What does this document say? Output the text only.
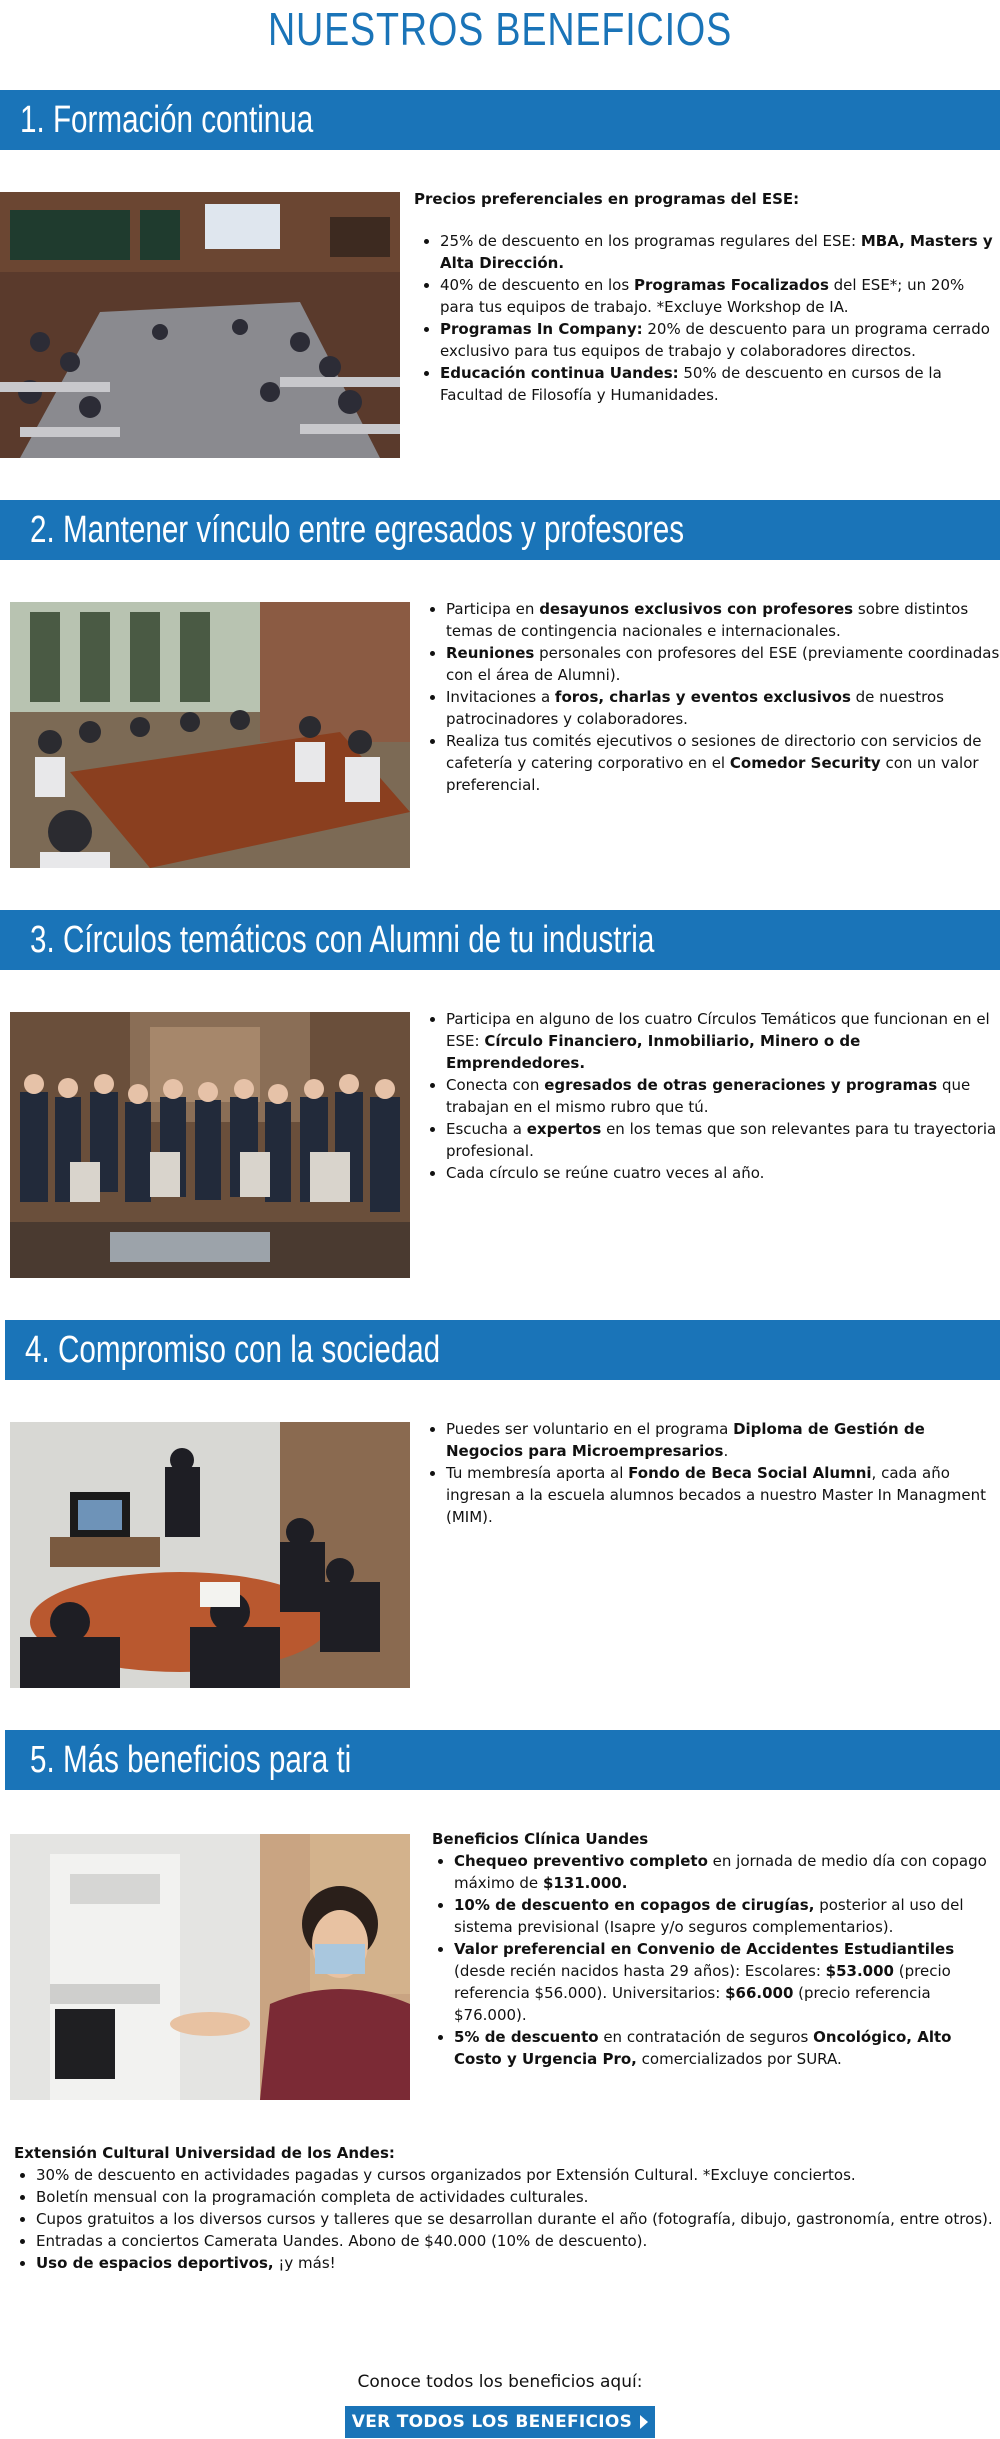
NUESTROS BENEFICIOS
1. Formación continua

Precios preferenciales en programas del ESE:

• 25% de descuento en los programas regulares del ESE: MBA, Masters y Alta Dirección.
• 40% de descuento en los Programas Focalizados del ESE*; un 20% para tus equipos de trabajo. *Excluye Workshop de IA.
• Programas In Company: 20% de descuento para un programa cerrado exclusivo para tus equipos de trabajo y colaboradores directos.
• Educación continua Uandes: 50% de descuento en cursos de la Facultad de Filosofía y Humanidades.
2. Mantener vínculo entre egresados y profesores
• Participa en desayunos exclusivos con profesores sobre distintos temas de contingencia nacionales e internacionales.
• Reuniones personales con profesores del ESE (previamente coordinadas con el área de Alumni).
• Invitaciones a foros, charlas y eventos exclusivos de nuestros patrocinadores y colaboradores.
• Realiza tus comités ejecutivos o sesiones de directorio con servicios de cafetería y catering corporativo en el Comedor Security con un valor preferencial.
3. Círculos temáticos con Alumni de tu industria
• Participa en alguno de los cuatro Círculos Temáticos que funcionan en el ESE: Círculo Financiero, Inmobiliario, Minero o de Emprendedores.
• Conecta con egresados de otras generaciones y programas que trabajan en el mismo rubro que tú.
• Escucha a expertos en los temas que son relevantes para tu trayectoria profesional.
• Cada círculo se reúne cuatro veces al año.
4. Compromiso con la sociedad
• Puedes ser voluntario en el programa Diploma de Gestión de Negocios para Microempresarios.
• Tu membresía aporta al Fondo de Beca Social Alumni, cada año ingresan a la escuela alumnos becados a nuestro Master In Managment (MIM).
5. Más beneficios para ti

Beneficios Clínica Uandes

• Chequeo preventivo completo en jornada de medio día con copago máximo de $131.000.
• 10% de descuento en copagos de cirugías, posterior al uso del sistema previsional (Isapre y/o seguros complementarios).
• Valor preferencial en Convenio de Accidentes Estudiantiles (desde recién nacidos hasta 29 años): Escolares: $53.000 (precio referencia $56.000). Universitarios: $66.000 (precio referencia $76.000).
• 5% de descuento en contratación de seguros Oncológico, Alto Costo y Urgencia Pro, comercializados por SURA.

Extensión Cultural Universidad de los Andes:

• 30% de descuento en actividades pagadas y cursos organizados por Extensión Cultural. *Excluye conciertos.
• Boletín mensual con la programación completa de actividades culturales.
• Cupos gratuitos a los diversos cursos y talleres que se desarrollan durante el año (fotografía, dibujo, gastronomía, entre otros).
• Entradas a conciertos Camerata Uandes. Abono de $40.000 (10% de descuento).
• Uso de espacios deportivos, ¡y más!
Conoce todos los beneficios aquí:
VER TODOS LOS BENEFICIOS
